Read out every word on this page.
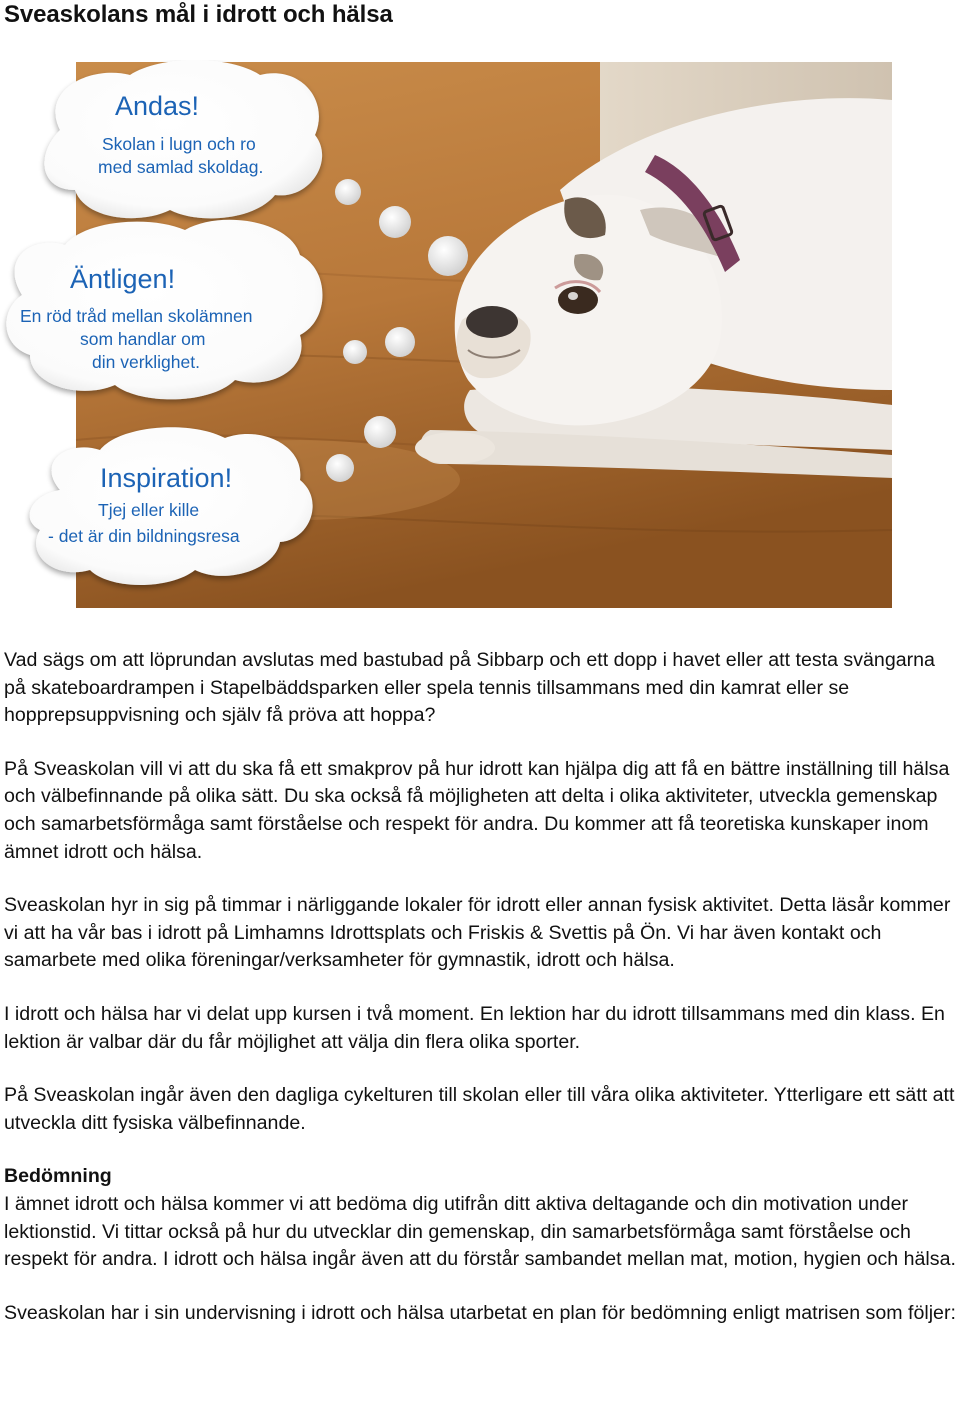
Sveaskolans mål i idrott och hälsa
Andas!
Skolan i lugn och ro
med samlad skoldag.
Äntligen!
En röd tråd mellan skolämnen
som handlar om
din verklighet.
Inspiration!
Tjej eller kille
- det är din bildningsresa

Vad sägs om att löprundan avslutas med bastubad på Sibbarp och ett dopp i havet eller att testa svängarna på skateboardrampen i Stapelbäddsparken eller spela tennis tillsammans med din kamrat eller se hopprepsuppvisning och själv få pröva att hoppa?

På Sveaskolan vill vi att du ska få ett smakprov på hur idrott kan hjälpa dig att få en bättre inställning till hälsa och välbefinnande på olika sätt. Du ska också få möjligheten att delta i olika aktiviteter, utveckla gemenskap och samarbetsförmåga samt förståelse och respekt för andra. Du kommer att få teoretiska kunskaper inom ämnet idrott och hälsa.

Sveaskolan hyr in sig på timmar i närliggande lokaler för idrott eller annan fysisk aktivitet. Detta läsår kommer vi att ha vår bas i idrott på Limhamns Idrottsplats och Friskis & Svettis på Ön. Vi har även kontakt och samarbete med olika föreningar/verksamheter för gymnastik, idrott och hälsa.

I idrott och hälsa har vi delat upp kursen i två moment. En lektion har du idrott tillsammans med din klass. En lektion är valbar där du får möjlighet att välja din flera olika sporter.

På Sveaskolan ingår även den dagliga cykelturen till skolan eller till våra olika aktiviteter. Ytterligare ett sätt att utveckla ditt fysiska välbefinnande.

Bedömning

I ämnet idrott och hälsa kommer vi att bedöma dig utifrån ditt aktiva deltagande och din motivation under lektionstid. Vi tittar också på hur du utvecklar din gemenskap, din samarbetsförmåga samt förståelse och respekt för andra. I idrott och hälsa ingår även att du förstår sambandet mellan mat, motion, hygien och hälsa.

Sveaskolan har i sin undervisning i idrott och hälsa utarbetat en plan för bedömning enligt matrisen som följer:
